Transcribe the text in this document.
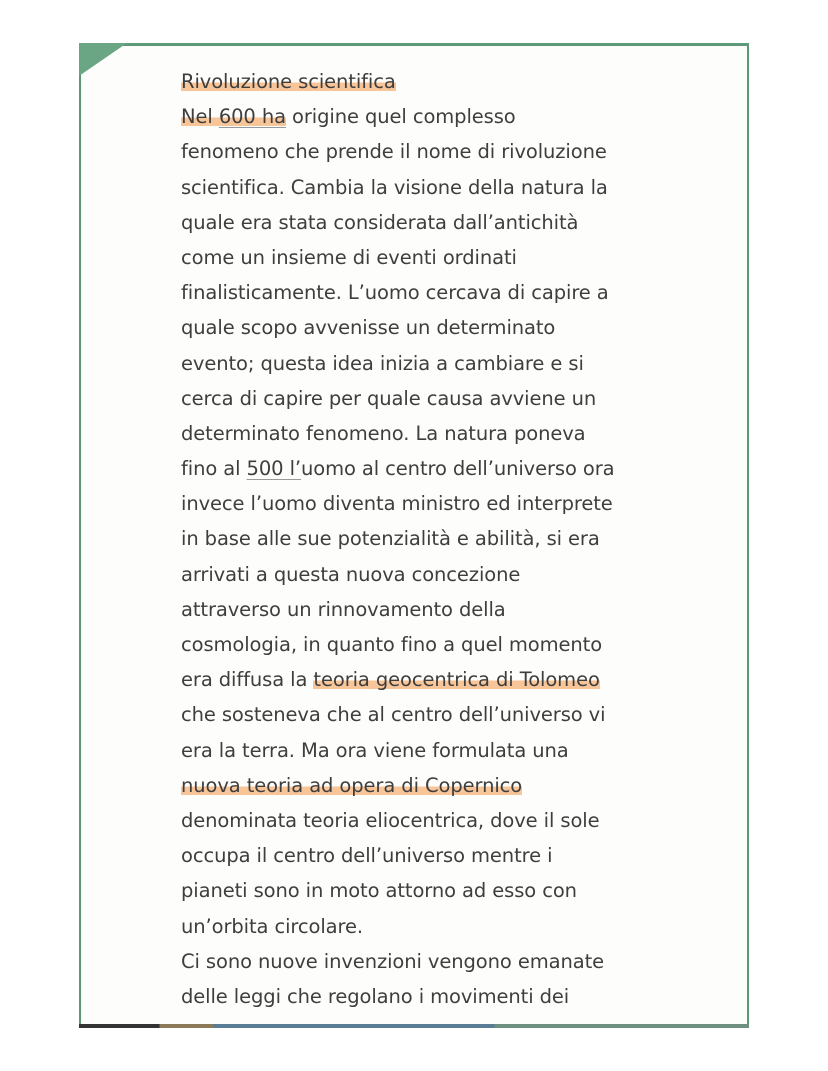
Rivoluzione scientifica
Nel 600 ha origine quel complesso
fenomeno che prende il nome di rivoluzione
scientifica. Cambia la visione della natura la
quale era stata considerata dall’antichità
come un insieme di eventi ordinati
finalisticamente. L’uomo cercava di capire a
quale scopo avvenisse un determinato
evento; questa idea inizia a cambiare e si
cerca di capire per quale causa avviene un
determinato fenomeno. La natura poneva
fino al 500 l’uomo al centro dell’universo ora
invece l’uomo diventa ministro ed interprete
in base alle sue potenzialità e abilità, si era
arrivati a questa nuova concezione
attraverso un rinnovamento della
cosmologia, in quanto fino a quel momento
era diffusa la teoria geocentrica di Tolomeo
che sosteneva che al centro dell’universo vi
era la terra. Ma ora viene formulata una
nuova teoria ad opera di Copernico
denominata teoria eliocentrica, dove il sole
occupa il centro dell’universo mentre i
pianeti sono in moto attorno ad esso con
un’orbita circolare.
Ci sono nuove invenzioni vengono emanate
delle leggi che regolano i movimenti dei
